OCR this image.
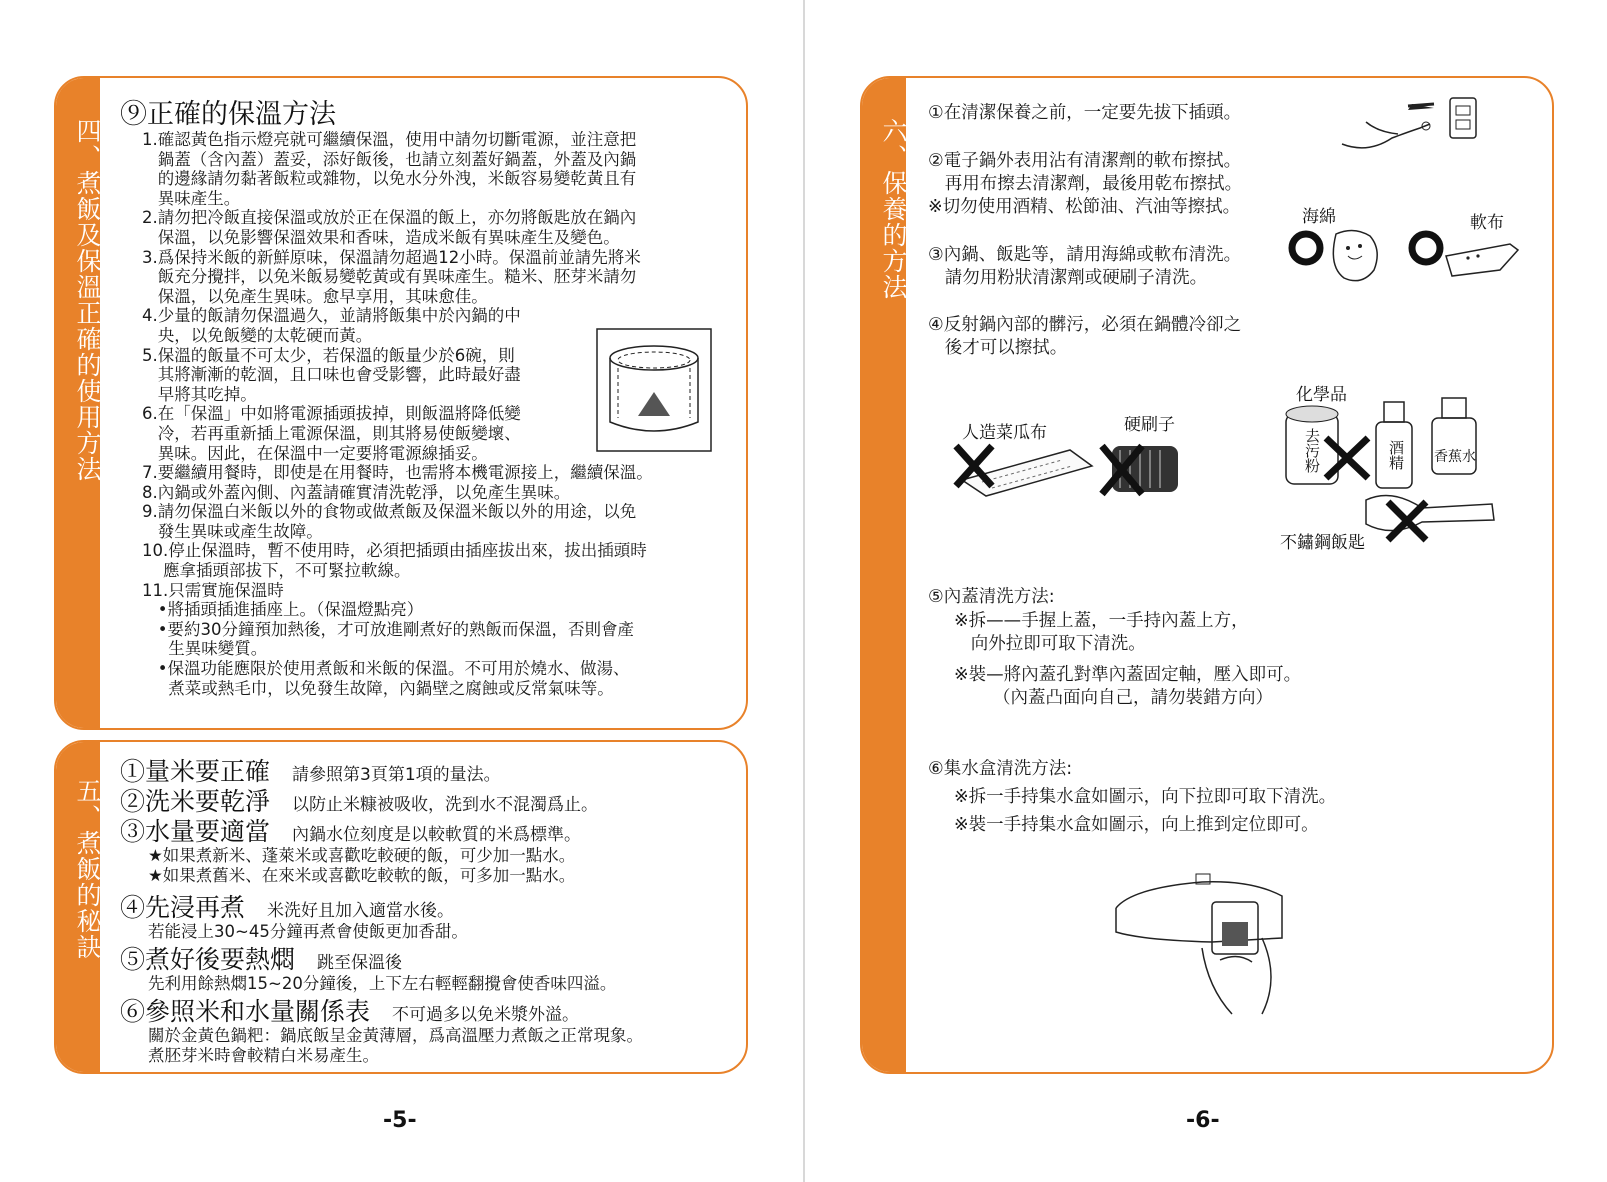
四、煮飯及保溫正確的使用方法
⑨正確的保溫方法
1.確認黃色指示燈亮就可繼續保溫，使用中請勿切斷電源，並注意把
鍋蓋（含內蓋）蓋妥，添好飯後，也請立刻蓋好鍋蓋，外蓋及內鍋
的邊緣請勿黏著飯粒或雜物，以免水分外洩，米飯容易變乾黃且有
異味產生。
2.請勿把冷飯直接保溫或放於正在保溫的飯上，亦勿將飯匙放在鍋內
保溫，以免影響保溫效果和香味，造成米飯有異味產生及變色。
3.爲保持米飯的新鮮原味，保溫請勿超過12小時。保溫前並請先將米
飯充分攪拌，以免米飯易變乾黃或有異味產生。糙米、胚芽米請勿
保溫，以免產生異味。愈早享用，其味愈佳。
4.少量的飯請勿保溫過久，並請將飯集中於內鍋的中
央，以免飯變的太乾硬而黃。
5.保溫的飯量不可太少，若保溫的飯量少於6碗，則
其將漸漸的乾涸，且口味也會受影響，此時最好盡
早將其吃掉。
6.在「保溫」中如將電源插頭拔掉，則飯溫將降低變
冷，若再重新插上電源保溫，則其將易使飯變壞、
異味。因此，在保溫中一定要將電源線插妥。
7.要繼續用餐時，即使是在用餐時，也需將本機電源接上，繼續保溫。
8.內鍋或外蓋內側、內蓋請確實清洗乾淨，以免產生異味。
9.請勿保溫白米飯以外的食物或做煮飯及保溫米飯以外的用途，以免
發生異味或產生故障。
10.停止保溫時，暫不使用時，必須把插頭由插座拔出來，拔出插頭時
應拿插頭部拔下，不可緊拉軟線。
11.只需實施保溫時
•將插頭插進插座上。（保溫燈點亮）
•要約30分鐘預加熱後，才可放進剛煮好的熟飯而保溫，否則會產
生異味變質。
•保溫功能應限於使用煮飯和米飯的保溫。不可用於燒水、做湯、
煮菜或熱毛巾，以免發生故障，內鍋壁之腐蝕或反常氣味等。
五、煮飯的秘訣
①量米要正確 請參照第3頁第1項的量法。
②洗米要乾淨 以防止米糠被吸收，洗到水不混濁爲止。
③水量要適當 內鍋水位刻度是以較軟質的米爲標準。
★如果煮新米、蓬萊米或喜歡吃較硬的飯，可少加一點水。
★如果煮舊米、在來米或喜歡吃較軟的飯，可多加一點水。
④先浸再煮 米洗好且加入適當水後。
若能浸上30~45分鐘再煮會使飯更加香甜。
⑤煮好後要熱燜 跳至保溫後
先利用餘熱燜15~20分鐘後，上下左右輕輕翻攪會使香味四溢。
⑥參照米和水量關係表 不可過多以免米漿外溢。
關於金黃色鍋粑：鍋底飯呈金黃薄層，爲高溫壓力煮飯之正常現象。
煮胚芽米時會較精白米易產生。
-5-
六、保養的方法
①在清潔保養之前，一定要先拔下插頭。
②電子鍋外表用沾有清潔劑的軟布擦拭。
再用布擦去清潔劑，最後用乾布擦拭。
※切勿使用酒精、松節油、汽油等擦拭。
③內鍋、飯匙等，請用海綿或軟布清洗。
請勿用粉狀清潔劑或硬刷子清洗。
④反射鍋內部的髒污，必須在鍋體冷卻之
後才可以擦拭。
海綿	軟布
化學品
人造菜瓜布	硬刷子
去污粉	酒精 香蕉水
不鏽鋼飯匙
⑤內蓋清洗方法:
※拆——手握上蓋，一手持內蓋上方，
向外拉即可取下清洗。
※裝—將內蓋孔對準內蓋固定軸，壓入即可。
（內蓋凸面向自己，請勿裝錯方向）
⑥集水盒清洗方法:
※拆一手持集水盒如圖示，向下拉即可取下清洗。
※裝一手持集水盒如圖示，向上推到定位即可。
-6-
